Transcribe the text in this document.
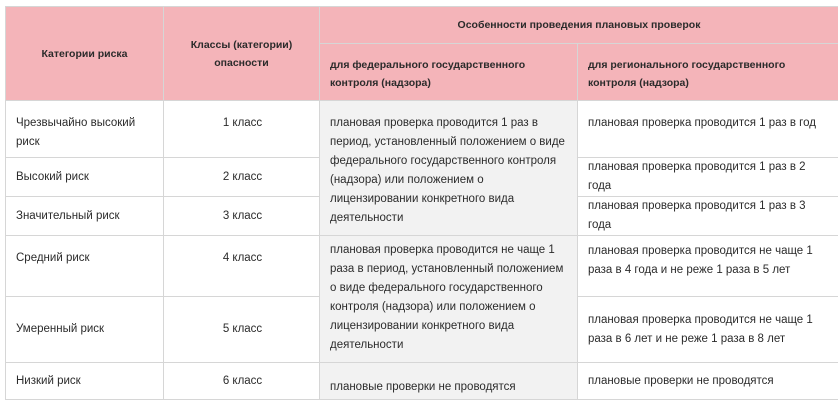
Категории риска	Классы (категории) опасности	Особенности проведения плановых проверок	
		для федерального государственного контроля (надзора)	для регионального государственного контроля (надзора)
Чрезвычайно высокий риск	1 класс	плановая проверка проводится 1 раз в период, установленный положением о виде федерального государственного контроля (надзора) или положением о лицензировании конкретного вида деятельности	плановая проверка проводится 1 раз в год
Высокий риск	2 класс		плановая проверка проводится 1 раз в 2 года
Значительный риск	3 класс		плановая проверка проводится 1 раз в 3 года
Средний риск	4 класс	плановая проверка проводится не чаще 1 раза в период, установленный положением о виде федерального государственного контроля (надзора) или положением о лицензировании конкретного вида деятельности	плановая проверка проводится не чаще 1 раза в 4 года и не реже 1 раза в 5 лет
Умеренный риск	5 класс		плановая проверка проводится не чаще 1 раза в 6 лет и не реже 1 раза в 8 лет
Низкий риск	6 класс	плановые проверки не проводятся	плановые проверки не проводятся
